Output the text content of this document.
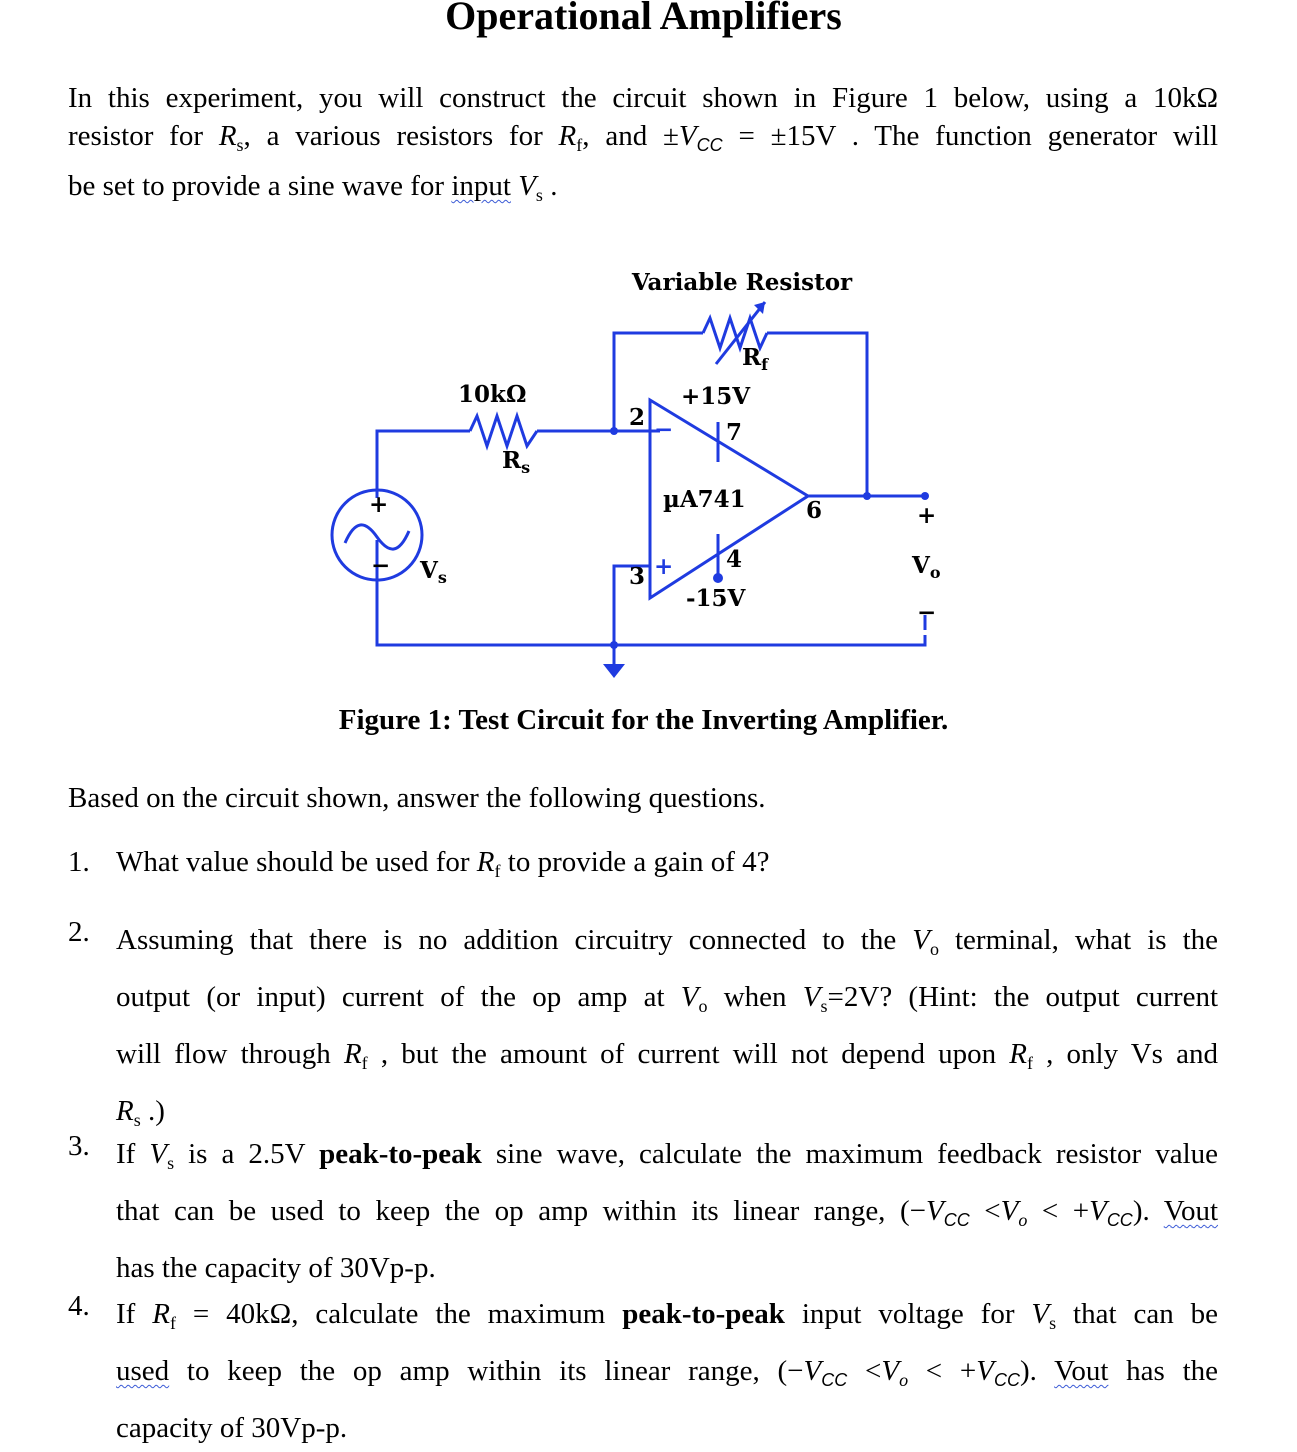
Operational Amplifiers
In this experiment, you will construct the circuit shown in Figure 1 below, using a 10kΩ
resistor for $R_s$, a various resistors for $R_f$, and $\pm V_{CC} = \pm 15V$ . The function generator will
be set to provide a sine wave for input $V_s$ .
Variable Resistor
$R_f$
10kΩ
$R_s$
+15V
-15V
µA741
2
3
4
6
7
−
+
+
− $V_s$
+
$V_o$
−
Figure 1: Test Circuit for the Inverting Amplifier.
Based on the circuit shown, answer the following questions.
1. What value should be used for $R_f$ to provide a gain of 4?
2. Assuming that there is no addition circuitry connected to the $V_o$ terminal, what is the
output (or input) current of the op amp at $V_o$ when $V_s=2V$? (Hint: the output current
will flow through $R_f$ , but the amount of current will not depend upon $R_f$ , only Vs and
$R_s$ .)
3. If $V_s$ is a 2.5V peak-to-peak sine wave, calculate the maximum feedback resistor value
that can be used to keep the op amp within its linear range, $(-V_{CC} <V_o < +V_{CC})$. Vout
has the capacity of 30Vp-p.
4. If $R_f = 40k\Omega$, calculate the maximum peak-to-peak input voltage for $V_s$ that can be
used to keep the op amp within its linear range, $(-V_{CC} <V_o < +V_{CC})$. Vout has the
capacity of 30Vp-p.
